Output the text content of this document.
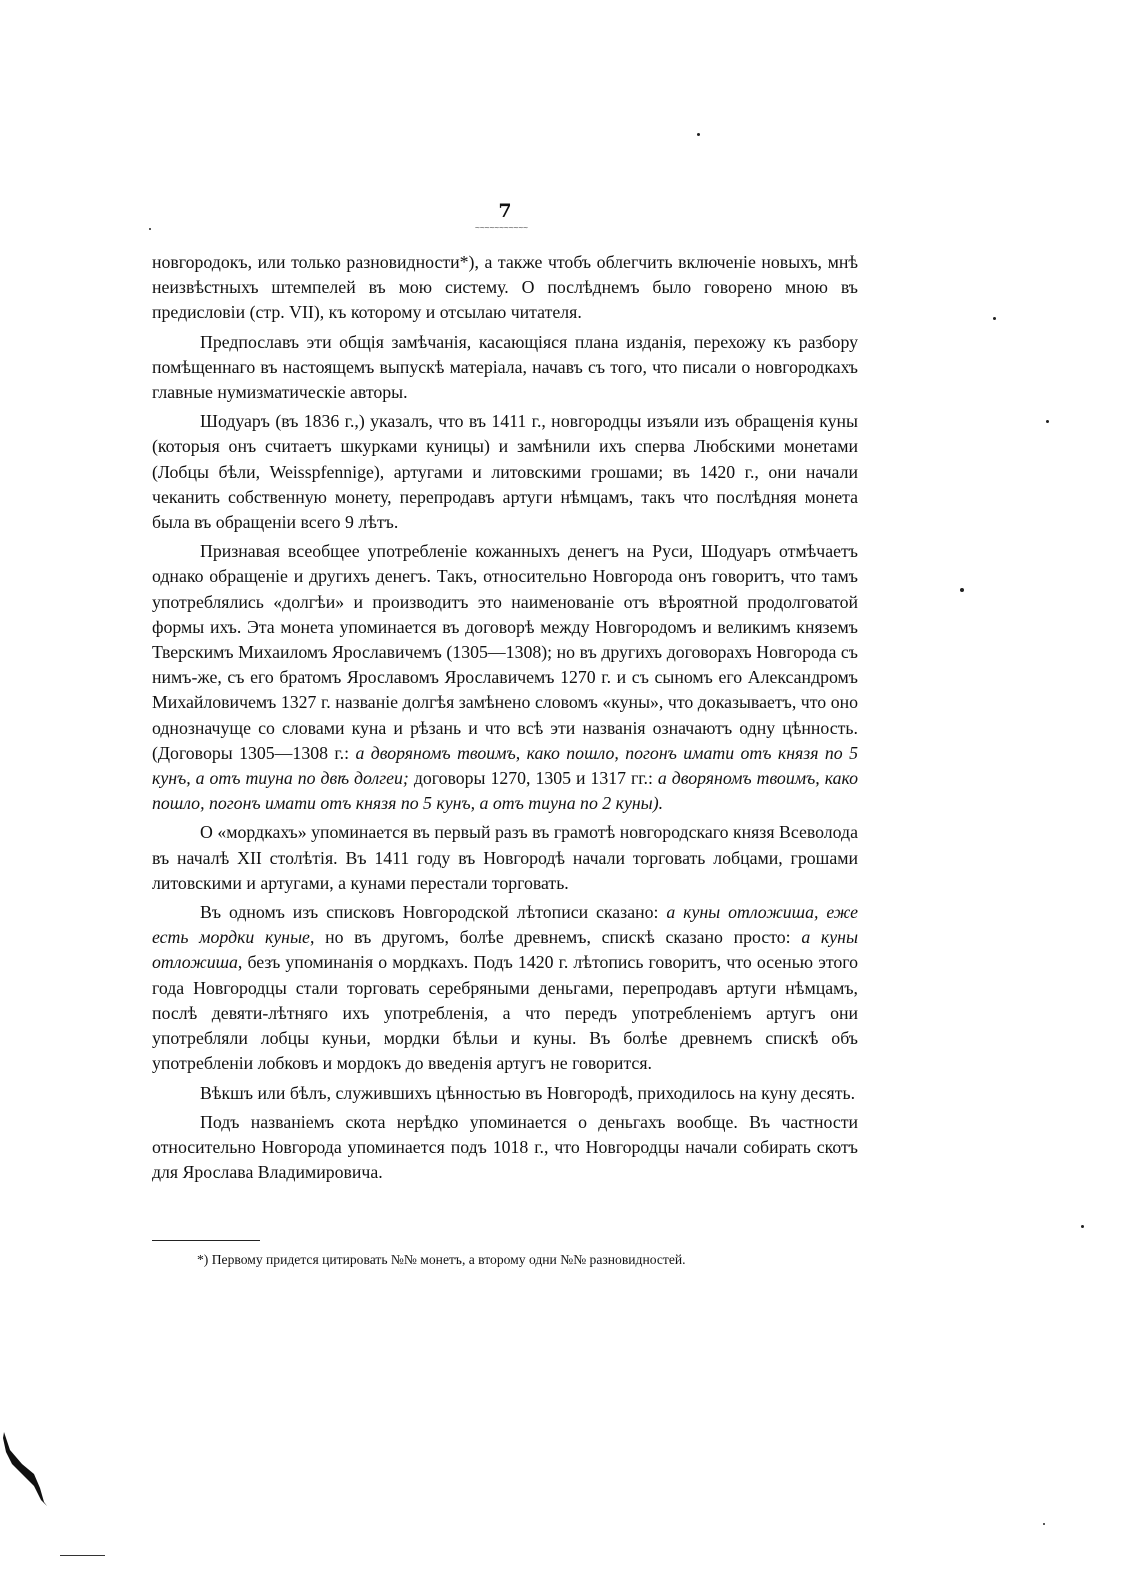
7
~~~~~~~~~~~

новгородокъ, или только разновидности*), а также чтобъ облегчить включеніе новыхъ, мнѣ неизвѣстныхъ штемпелей въ мою систему. О послѣднемъ было говорено мною въ предисловіи (стр. VII), къ которому и отсылаю читателя.

Предпославъ эти общія замѣчанія, касающіяся плана изданія, перехожу къ разбору помѣщеннаго въ настоящемъ выпускѣ матеріала, начавъ съ того, что писали о новгородкахъ главные нумизматическіе авторы.

Шодуаръ (въ 1836 г.,) указалъ, что въ 1411 г., новгородцы изъяли изъ обращенія куны (которыя онъ считаетъ шкурками куницы) и замѣнили ихъ сперва Любскими монетами (Лобцы бѣли, Weisspfennige), артугами и литовскими грошами; въ 1420 г., они начали чеканить собственную монету, перепродавъ артуги нѣмцамъ, такъ что послѣдняя монета была въ обращеніи всего 9 лѣтъ.

Признавая всеобщее употребленіе кожанныхъ денегъ на Руси, Шодуаръ отмѣчаетъ однако обращеніе и другихъ денегъ. Такъ, относительно Новгорода онъ говоритъ, что тамъ употреблялись «долгѣи» и производитъ это наименованіе отъ вѣроятной продолговатой формы ихъ. Эта монета упоминается въ договорѣ между Новгородомъ и великимъ княземъ Тверскимъ Михаиломъ Ярославичемъ (1305—1308); но въ другихъ договорахъ Новгорода съ нимъ-же, съ его братомъ Ярославомъ Ярославичемъ 1270 г. и съ сыномъ его Александромъ Михайловичемъ 1327 г. названіе долгѣя замѣнено словомъ «куны», что доказываетъ, что оно однозначуще со словами куна и рѣзань и что всѣ эти названія означаютъ одну цѣнность. (Договоры 1305—1308 г.: а дворяномъ твоимъ, како пошло, погонъ имати отъ князя по 5 кунъ, а отъ тиуна по двѣ долгеи; договоры 1270, 1305 и 1317 гг.: а дворяномъ твоимъ, како пошло, погонъ имати отъ князя по 5 кунъ, а отъ тиуна по 2 куны).

О «мордкахъ» упоминается въ первый разъ въ грамотѣ новгородскаго князя Всеволода въ началѣ XII столѣтія. Въ 1411 году въ Новгородѣ начали торговать лобцами, грошами литовскими и артугами, а кунами перестали торговать.

Въ одномъ изъ списковъ Новгородской лѣтописи сказано: а куны отложиша, еже есть мордки куные, но въ другомъ, болѣе древнемъ, спискѣ сказано просто: а куны отложиша, безъ упоминанія о мордкахъ. Подъ 1420 г. лѣтопись говоритъ, что осенью этого года Новгородцы стали торговать серебряными деньгами, перепродавъ артуги нѣмцамъ, послѣ девяти-лѣтняго ихъ употребленія, а что передъ употребленіемъ артугъ они употребляли лобцы куньи, мордки бѣльи и куны. Въ болѣе древнемъ спискѣ объ употребленіи лобковъ и мордокъ до введенія артугъ не говорится.

Вѣкшъ или бѣлъ, служившихъ цѣнностью въ Новгородѣ, приходилось на куну десять.

Подъ названіемъ скота нерѣдко упоминается о деньгахъ вообще. Въ частности относительно Новгорода упоминается подъ 1018 г., что Новгородцы начали собирать скотъ для Ярослава Владимировича.

*) Первому придется цитировать №№ монетъ, а второму одни №№ разновидностей.
